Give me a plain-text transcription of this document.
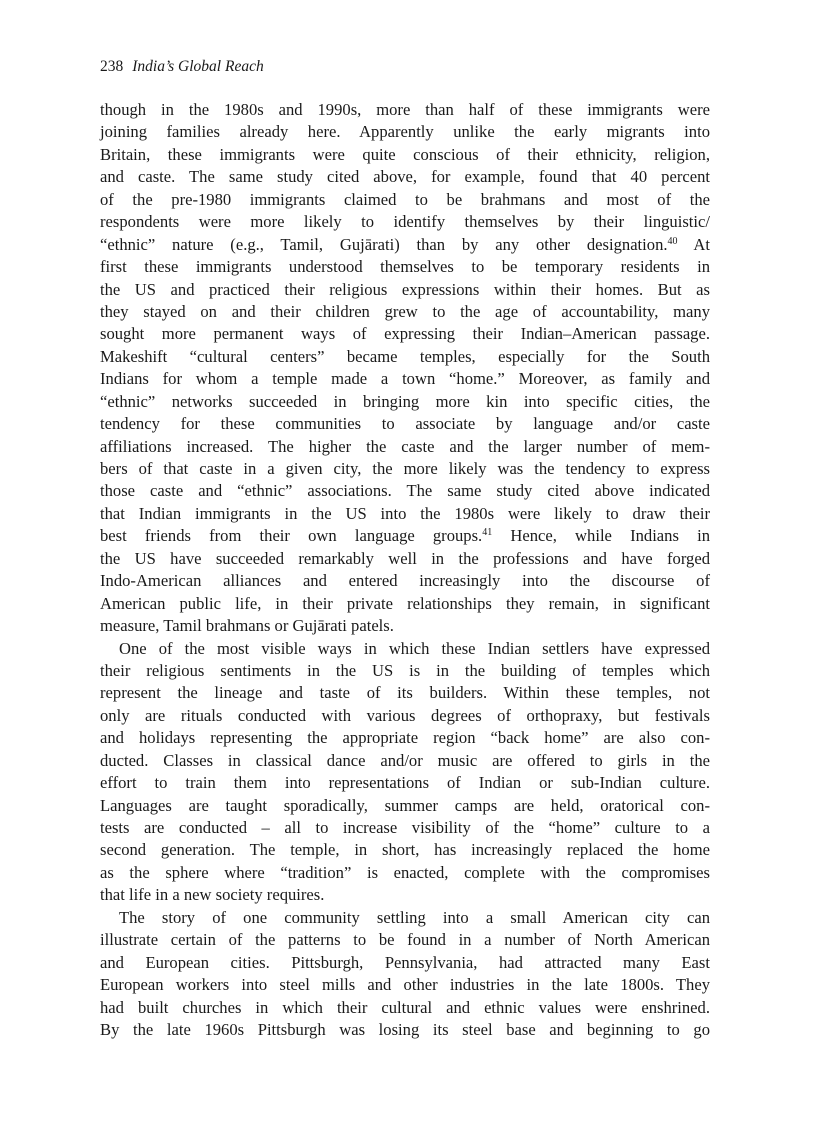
238 India’s Global Reach
though in the 1980s and 1990s, more than half of these immigrants were
joining families already here. Apparently unlike the early migrants into
Britain, these immigrants were quite conscious of their ethnicity, religion,
and caste. The same study cited above, for example, found that 40 percent
of the pre-1980 immigrants claimed to be brahmans and most of the
respondents were more likely to identify themselves by their linguistic/
“ethnic” nature (e.g., Tamil, Gujārati) than by any other designation.$^{40}$ At
first these immigrants understood themselves to be temporary residents in
the US and practiced their religious expressions within their homes. But as
they stayed on and their children grew to the age of accountability, many
sought more permanent ways of expressing their Indian–American passage.
Makeshift “cultural centers” became temples, especially for the South
Indians for whom a temple made a town “home.” Moreover, as family and
“ethnic” networks succeeded in bringing more kin into specific cities, the
tendency for these communities to associate by language and/or caste
affiliations increased. The higher the caste and the larger number of mem-
bers of that caste in a given city, the more likely was the tendency to express
those caste and “ethnic” associations. The same study cited above indicated
that Indian immigrants in the US into the 1980s were likely to draw their
best friends from their own language groups.$^{41}$ Hence, while Indians in
the US have succeeded remarkably well in the professions and have forged
Indo-American alliances and entered increasingly into the discourse of
American public life, in their private relationships they remain, in significant
measure, Tamil brahmans or Gujārati patels.
One of the most visible ways in which these Indian settlers have expressed
their religious sentiments in the US is in the building of temples which
represent the lineage and taste of its builders. Within these temples, not
only are rituals conducted with various degrees of orthopraxy, but festivals
and holidays representing the appropriate region “back home” are also con-
ducted. Classes in classical dance and/or music are offered to girls in the
effort to train them into representations of Indian or sub-Indian culture.
Languages are taught sporadically, summer camps are held, oratorical con-
tests are conducted – all to increase visibility of the “home” culture to a
second generation. The temple, in short, has increasingly replaced the home
as the sphere where “tradition” is enacted, complete with the compromises
that life in a new society requires.
The story of one community settling into a small American city can
illustrate certain of the patterns to be found in a number of North American
and European cities. Pittsburgh, Pennsylvania, had attracted many East
European workers into steel mills and other industries in the late 1800s. They
had built churches in which their cultural and ethnic values were enshrined.
By the late 1960s Pittsburgh was losing its steel base and beginning to go
